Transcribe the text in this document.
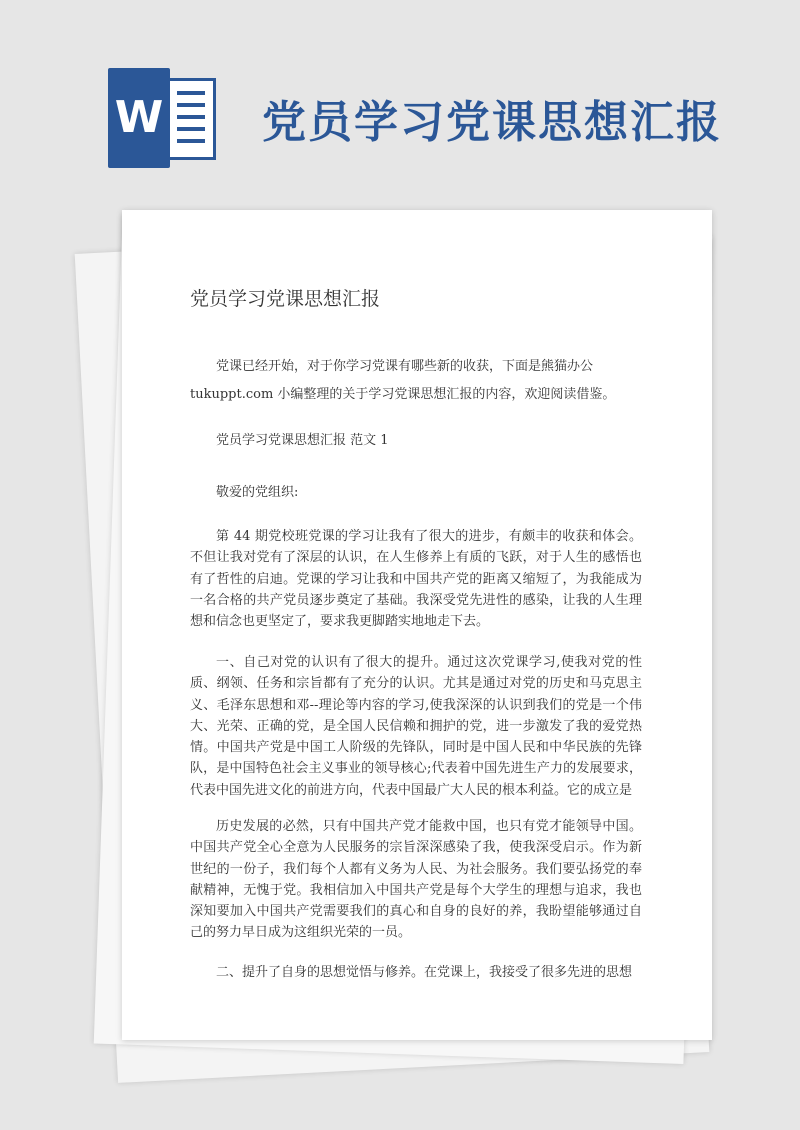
W 党员学习党课思想汇报
党员学习党课思想汇报
党课已经开始，对于你学习党课有哪些新的收获，下面是熊猫办公
tukuppt.com 小编整理的关于学习党课思想汇报的内容，欢迎阅读借鉴。
党员学习党课思想汇报 范文 1
敬爱的党组织:
第 44 期党校班党课的学习让我有了很大的进步，有颇丰的收获和体会。不但让我对党有了深层的认识，在人生修养上有质的飞跃，对于人生的感悟也有了哲性的启迪。党课的学习让我和中国共产党的距离又缩短了，为我能成为一名合格的共产党员逐步奠定了基础。我深受党先进性的感染，让我的人生理想和信念也更坚定了，要求我更脚踏实地地走下去。
一、自己对党的认识有了很大的提升。通过这次党课学习,使我对党的性质、纲领、任务和宗旨都有了充分的认识。尤其是通过对党的历史和马克思主义、毛泽东思想和邓--理论等内容的学习,使我深深的认识到我们的党是一个伟大、光荣、正确的党，是全国人民信赖和拥护的党，进一步激发了我的爱党热情。中国共产党是中国工人阶级的先锋队，同时是中国人民和中华民族的先锋队，是中国特色社会主义事业的领导核心;代表着中国先进生产力的发展要求，代表中国先进文化的前进方向，代表中国最广大人民的根本利益。它的成立是
历史发展的必然，只有中国共产党才能救中国，也只有党才能领导中国。中国共产党全心全意为人民服务的宗旨深深感染了我，使我深受启示。作为新世纪的一份子，我们每个人都有义务为人民、为社会服务。我们要弘扬党的奉献精神，无愧于党。我相信加入中国共产党是每个大学生的理想与追求，我也深知要加入中国共产党需要我们的真心和自身的良好的养，我盼望能够通过自己的努力早日成为这组织光荣的一员。
二、提升了自身的思想觉悟与修养。在党课上，我接受了很多先进的思想
